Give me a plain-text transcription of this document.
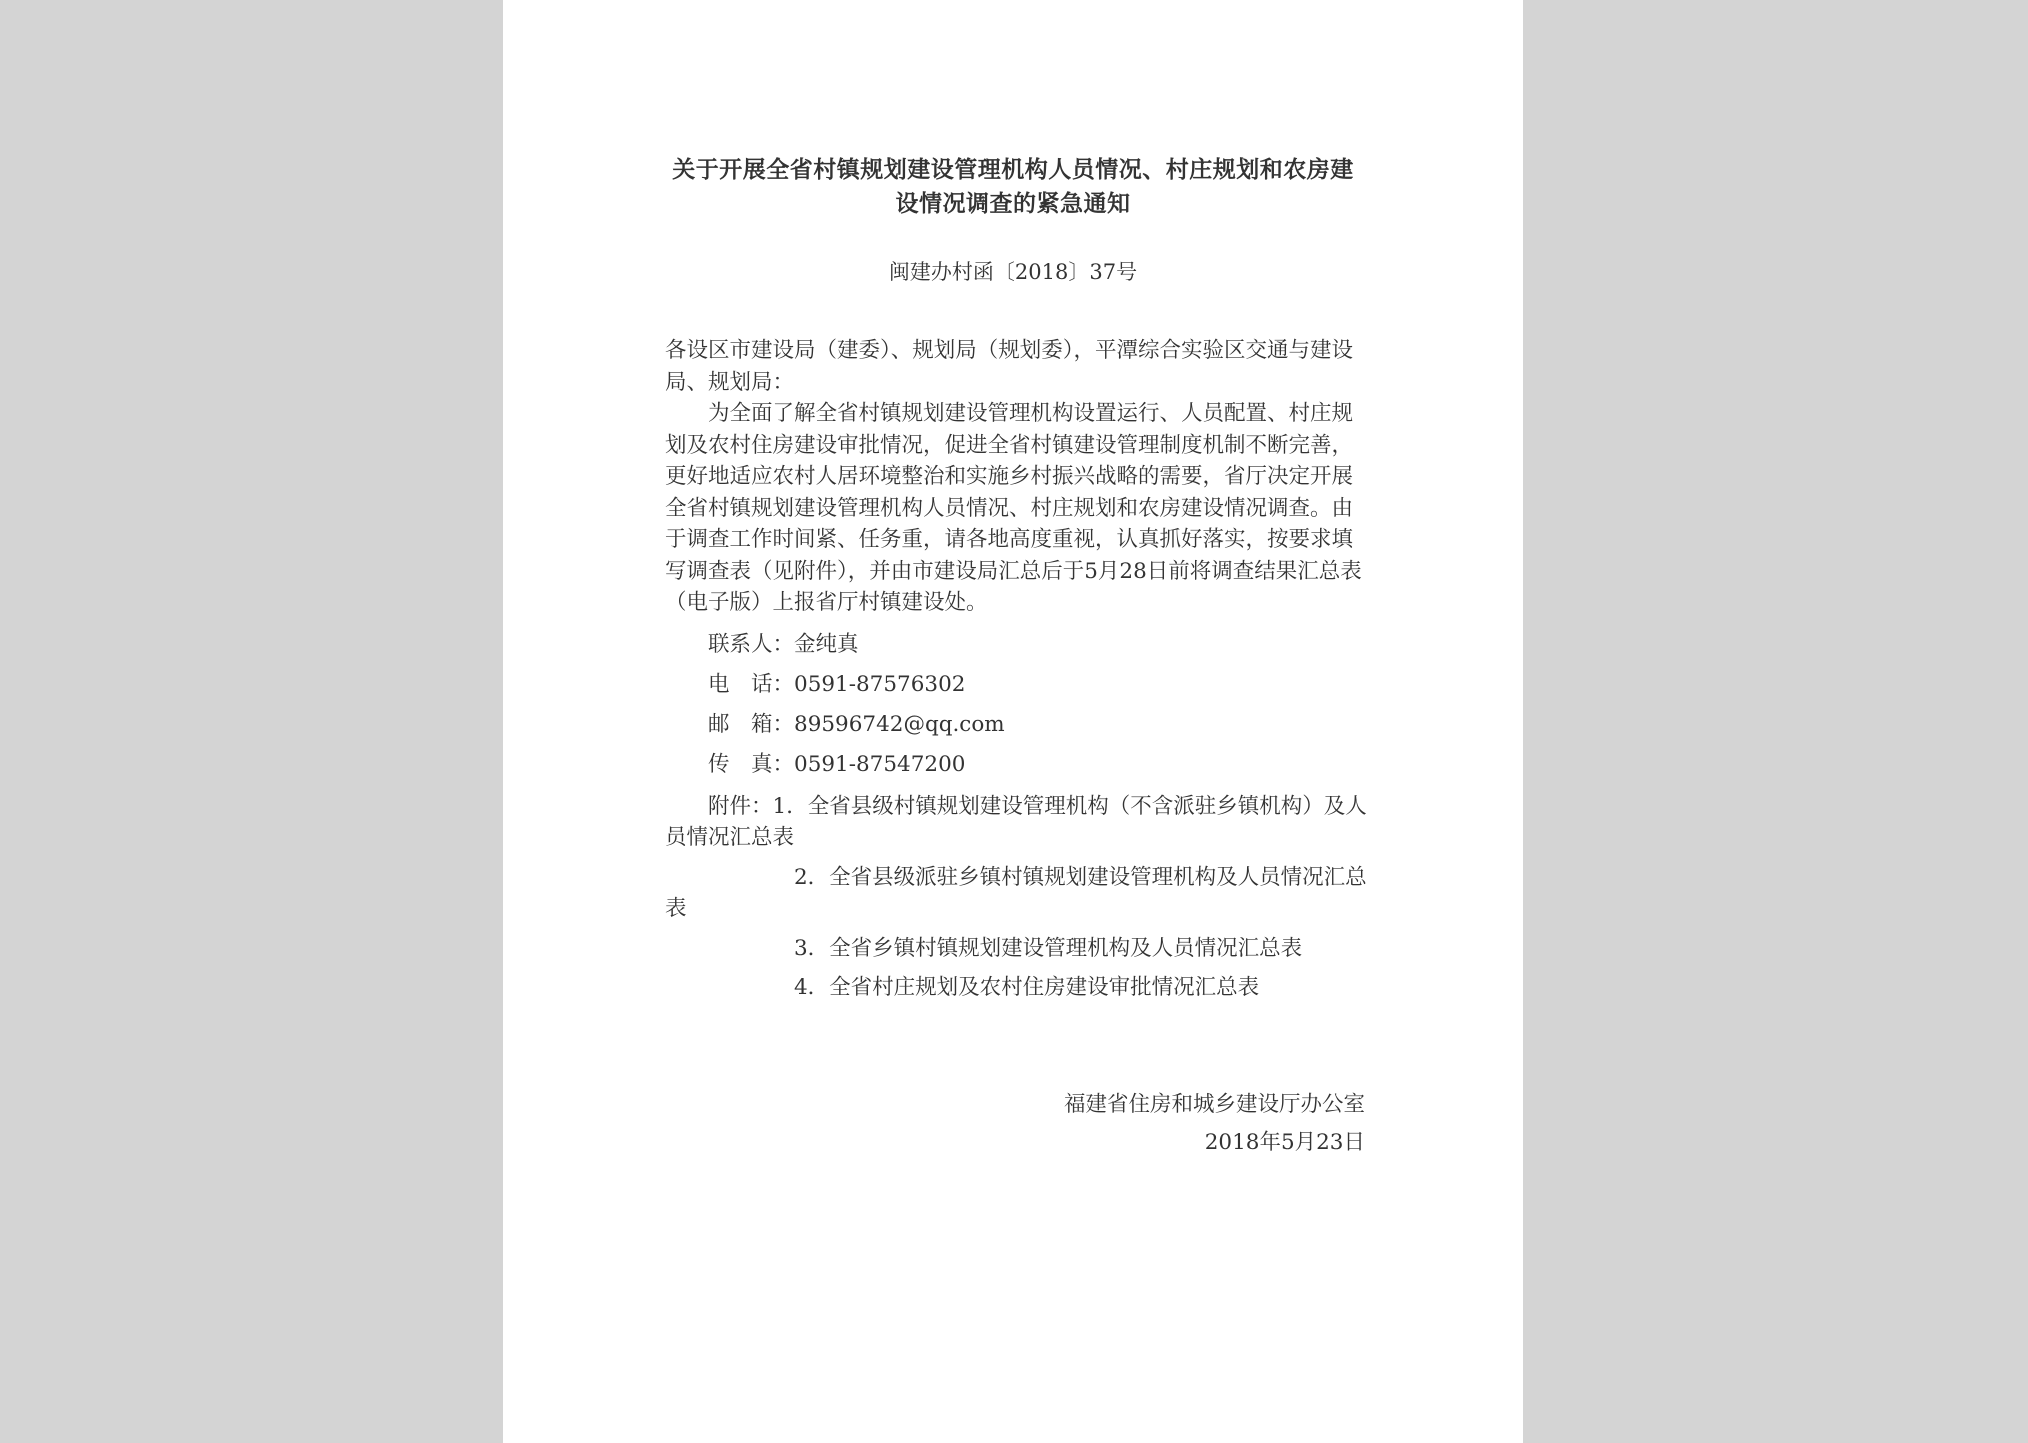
关于开展全省村镇规划建设管理机构人员情况、村庄规划和农房建设情况调查的紧急通知
闽建办村函〔2018〕37号

各设区市建设局（建委）、规划局（规划委），平潭综合实验区交通与建设局、规划局：

为全面了解全省村镇规划建设管理机构设置运行、人员配置、村庄规划及农村住房建设审批情况，促进全省村镇建设管理制度机制不断完善，更好地适应农村人居环境整治和实施乡村振兴战略的需要，省厅决定开展全省村镇规划建设管理机构人员情况、村庄规划和农房建设情况调查。由于调查工作时间紧、任务重，请各地高度重视，认真抓好落实，按要求填写调查表（见附件），并由市建设局汇总后于5月28日前将调查结果汇总表（电子版）上报省厅村镇建设处。

联系人：金纯真
电　话：0591-87576302
邮　箱：89596742@qq.com
传　真：0591-87547200

附件：1．全省县级村镇规划建设管理机构（不含派驻乡镇机构）及人员情况汇总表

2．全省县级派驻乡镇村镇规划建设管理机构及人员情况汇总表

3．全省乡镇村镇规划建设管理机构及人员情况汇总表

4．全省村庄规划及农村住房建设审批情况汇总表

福建省住房和城乡建设厅办公室

2018年5月23日
